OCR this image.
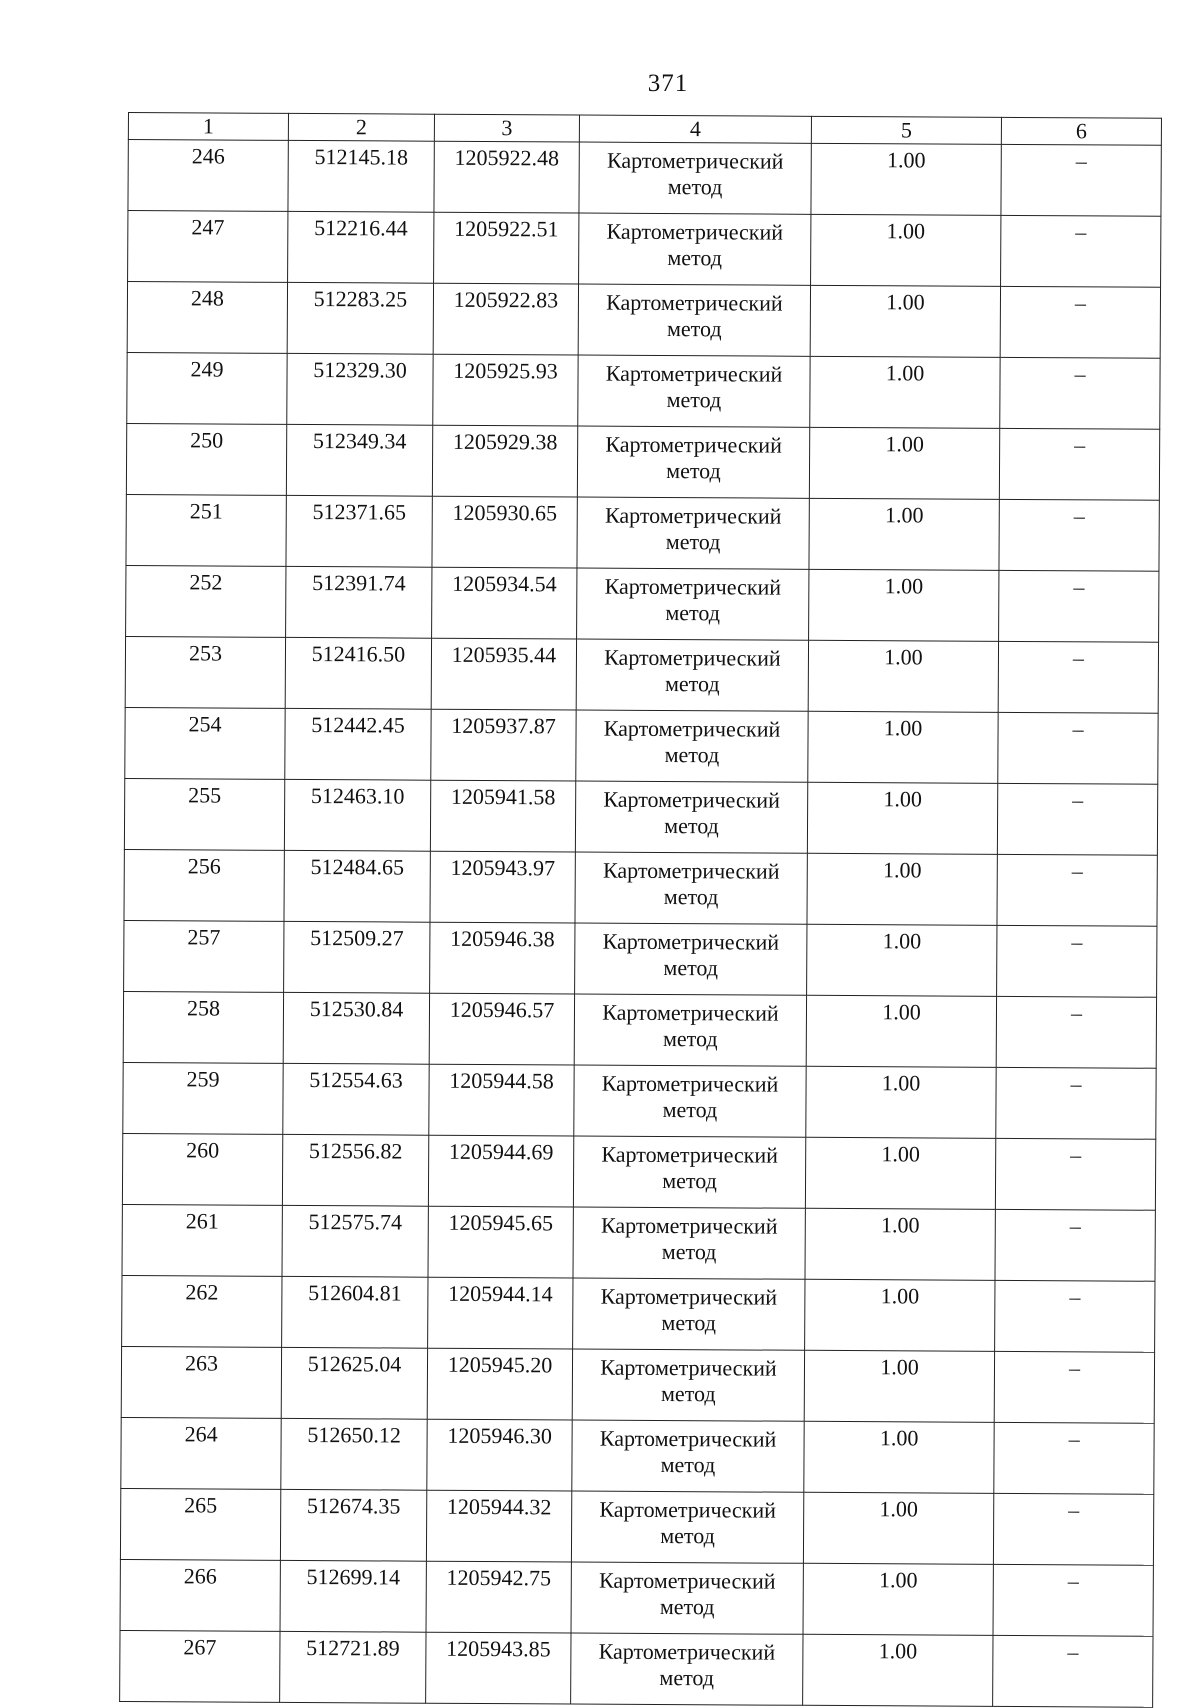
371
1	2	3	4	5	6
246	512145.18	1205922.48	Картометрический
метод	1.00	–
247	512216.44	1205922.51	Картометрический
метод	1.00	–
248	512283.25	1205922.83	Картометрический
метод	1.00	–
249	512329.30	1205925.93	Картометрический
метод	1.00	–
250	512349.34	1205929.38	Картометрический
метод	1.00	–
251	512371.65	1205930.65	Картометрический
метод	1.00	–
252	512391.74	1205934.54	Картометрический
метод	1.00	–
253	512416.50	1205935.44	Картометрический
метод	1.00	–
254	512442.45	1205937.87	Картометрический
метод	1.00	–
255	512463.10	1205941.58	Картометрический
метод	1.00	–
256	512484.65	1205943.97	Картометрический
метод	1.00	–
257	512509.27	1205946.38	Картометрический
метод	1.00	–
258	512530.84	1205946.57	Картометрический
метод	1.00	–
259	512554.63	1205944.58	Картометрический
метод	1.00	–
260	512556.82	1205944.69	Картометрический
метод	1.00	–
261	512575.74	1205945.65	Картометрический
метод	1.00	–
262	512604.81	1205944.14	Картометрический
метод	1.00	–
263	512625.04	1205945.20	Картометрический
метод	1.00	–
264	512650.12	1205946.30	Картометрический
метод	1.00	–
265	512674.35	1205944.32	Картометрический
метод	1.00	–
266	512699.14	1205942.75	Картометрический
метод	1.00	–
267	512721.89	1205943.85	Картометрический
метод	1.00	–
